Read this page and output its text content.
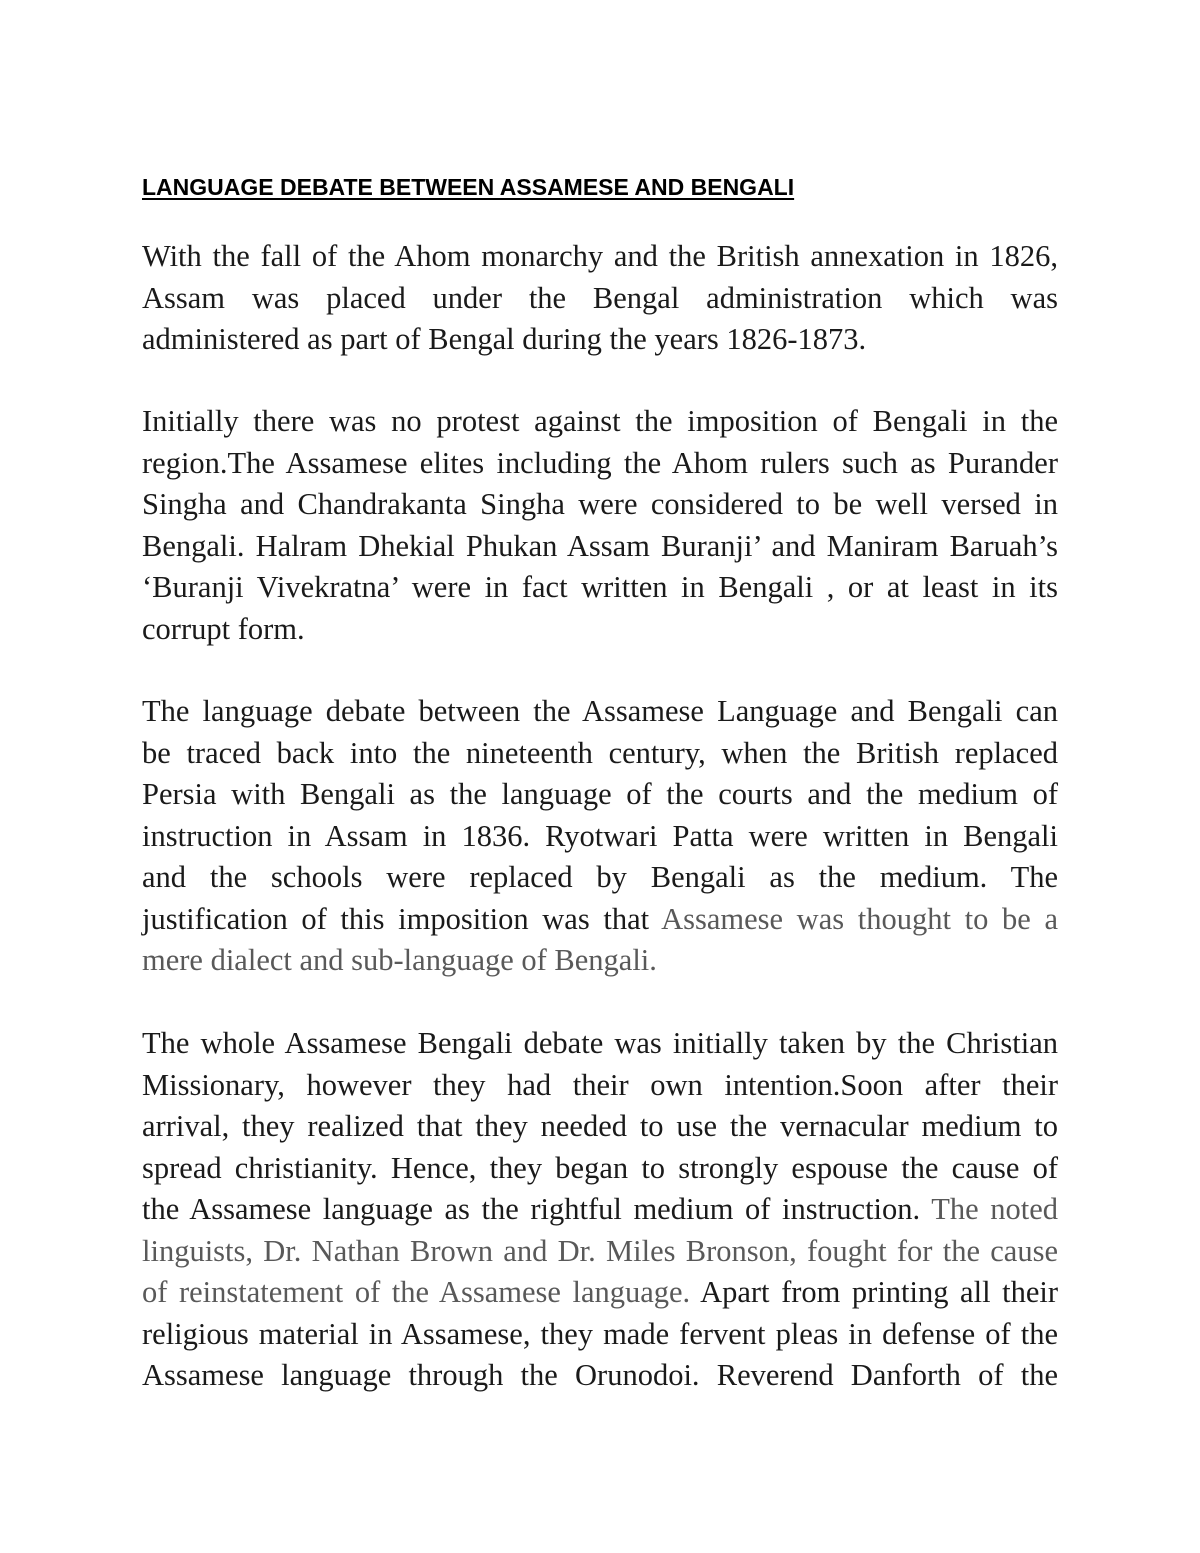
LANGUAGE DEBATE BETWEEN ASSAMESE AND BENGALI
With the fall of the Ahom monarchy and the British annexation in 1826,
Assam was placed under the Bengal administration which was
administered as part of Bengal during the years 1826-1873.
Initially there was no protest against the imposition of Bengali in the
region.The Assamese elites including the Ahom rulers such as Purander
Singha and Chandrakanta Singha were considered to be well versed in
Bengali. Halram Dhekial Phukan Assam Buranji’ and Maniram Baruah’s
‘Buranji Vivekratna’ were in fact written in Bengali , or at least in its
corrupt form.
The language debate between the Assamese Language and Bengali can
be traced back into the nineteenth century, when the British replaced
Persia with Bengali as the language of the courts and the medium of
instruction in Assam in 1836. Ryotwari Patta were written in Bengali
and the schools were replaced by Bengali as the medium. The
justification of this imposition was that Assamese was thought to be a
mere dialect and sub-language of Bengali.
The whole Assamese Bengali debate was initially taken by the Christian
Missionary, however they had their own intention.Soon after their
arrival, they realized that they needed to use the vernacular medium to
spread christianity. Hence, they began to strongly espouse the cause of
the Assamese language as the rightful medium of instruction. The noted
linguists, Dr. Nathan Brown and Dr. Miles Bronson, fought for the cause
of reinstatement of the Assamese language. Apart from printing all their
religious material in Assamese, they made fervent pleas in defense of the
Assamese language through the Orunodoi. Reverend Danforth of the
